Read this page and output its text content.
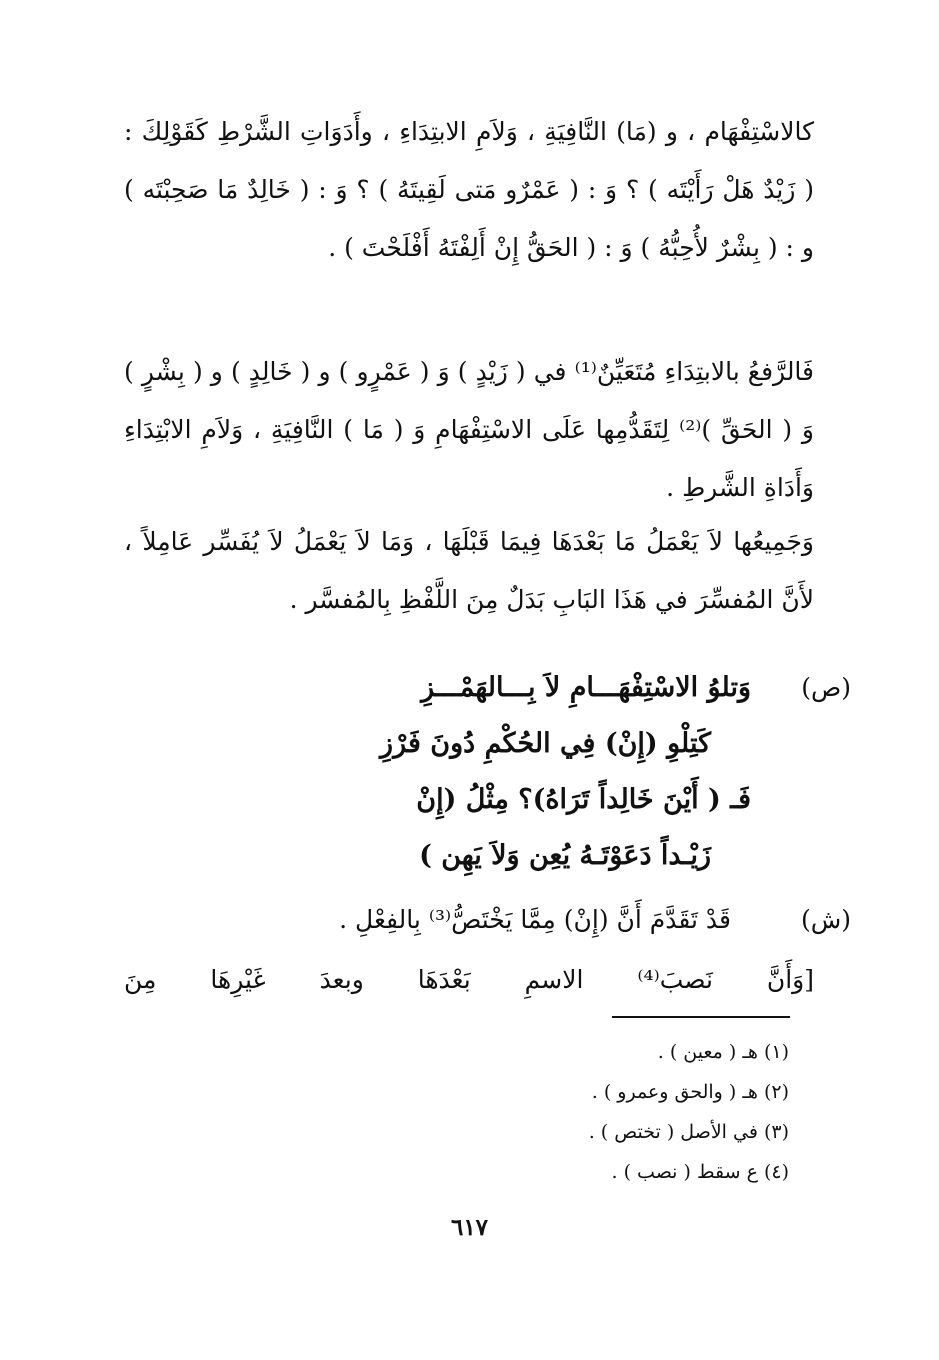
كالاسْتِفْهَام ، و (مَا) النَّافِيَةِ ، وَلاَمِ الابتِدَاءِ ، وأَدَوَاتِ الشَّرْطِ كَقَوْلِكَ : ( زَيْدٌ هَلْ رَأَيْتَه ) ؟ وَ : ( عَمْرٌو مَتى لَقِيتَهُ ) ؟ وَ : ( خَالِدٌ مَا صَحِبْتَه ) و : ( بِشْرٌ لأُحِبُّهُ ) وَ : ( الحَقُّ إِنْ أَلِفْتَهُ أَفْلَحْتَ ) .

فَالرَّفعُ بالابتِدَاءِ مُتَعَيِّنٌ⁽¹⁾ في ( زَيْدٍ ) وَ ( عَمْرٍو ) و ( خَالِدٍ ) و ( بِشْرٍ ) وَ ( الحَقِّ )⁽²⁾ لِتَقَدُّمِها عَلَى الاسْتِفْهَامِ وَ ( مَا ) النَّافِيَةِ ، وَلاَمِ الابْتِدَاءِ وَأَدَاةِ الشَّرطِ .

وَجَمِيعُها لاَ يَعْمَلُ مَا بَعْدَهَا فِيمَا قَبْلَهَا ، وَمَا لاَ يَعْمَلُ لاَ يُفَسِّر عَامِلاً ، لأَنَّ المُفسِّرَ في هَذَا البَابِ بَدَلٌ مِنَ اللَّفْظِ بِالمُفسَّر .

(ص)
وَتلوُ الاسْتِفْهَـــامِ لاَ بِـــالهَمْـــزِ
كَتِلْوِ (إِنْ) فِي الحُكْمِ دُونَ فَرْزِ
فَـ ( أَيْنَ خَالِداً تَرَاهُ)؟ مِثْلُ (إِنْ
زَيْـداً دَعَوْتَـهُ يُعِن وَلاَ يَهِن )
(ش)
قَدْ تَقَدَّمَ أَنَّ (إِنْ) مِمَّا يَخْتَصُّ⁽³⁾ بِالفِعْلِ .
[وَأَنَّ نَصبَ⁽⁴⁾ الاسمِ بَعْدَهَا وبعدَ غَيْرِهَا مِنَ
(١) هـ ( معين ) .
(٢) هـ ( والحق وعمرو ) .
(٣) في الأصل ( تختص ) .
(٤) ع سقط ( نصب ) .
٦١٧
